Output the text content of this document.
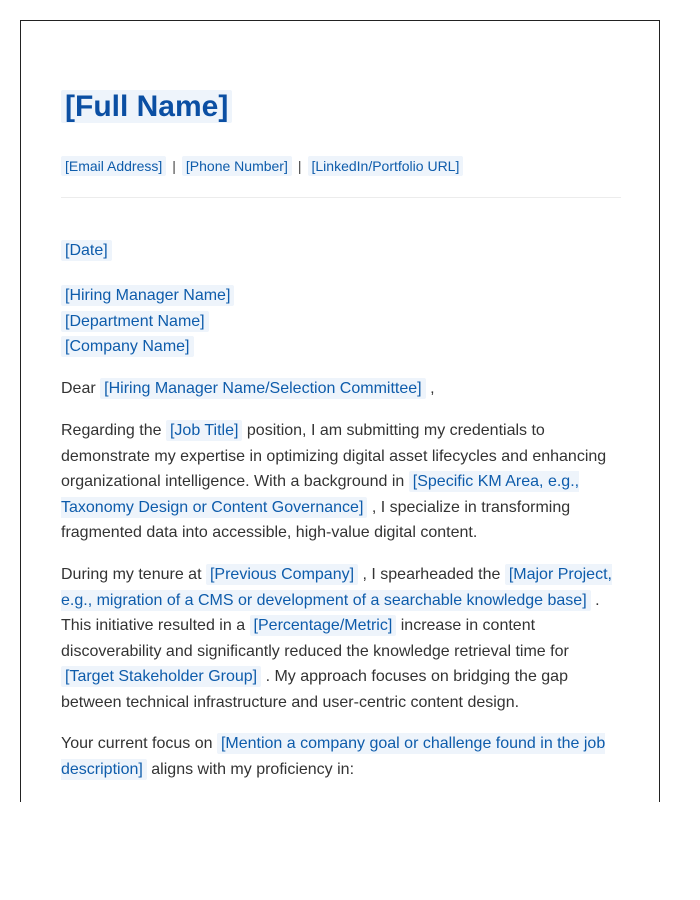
[Full Name]
[Email Address] | [Phone Number] | [LinkedIn/Portfolio URL]
[Date]
[Hiring Manager Name]
[Department Name]
[Company Name]
Dear [Hiring Manager Name/Selection Committee] ,
Regarding the [Job Title] position, I am submitting my credentials to demonstrate my expertise in optimizing digital asset lifecycles and enhancing organizational intelligence. With a background in [Specific KM Area, e.g., Taxonomy Design or Content Governance] , I specialize in transforming fragmented data into accessible, high-value digital content.
During my tenure at [Previous Company] , I spearheaded the [Major Project, e.g., migration of a CMS or development of a searchable knowledge base] . This initiative resulted in a [Percentage/Metric] increase in content discoverability and significantly reduced the knowledge retrieval time for [Target Stakeholder Group] . My approach focuses on bridging the gap between technical infrastructure and user-centric content design.
Your current focus on [Mention a company goal or challenge found in the job description] aligns with my proficiency in:
